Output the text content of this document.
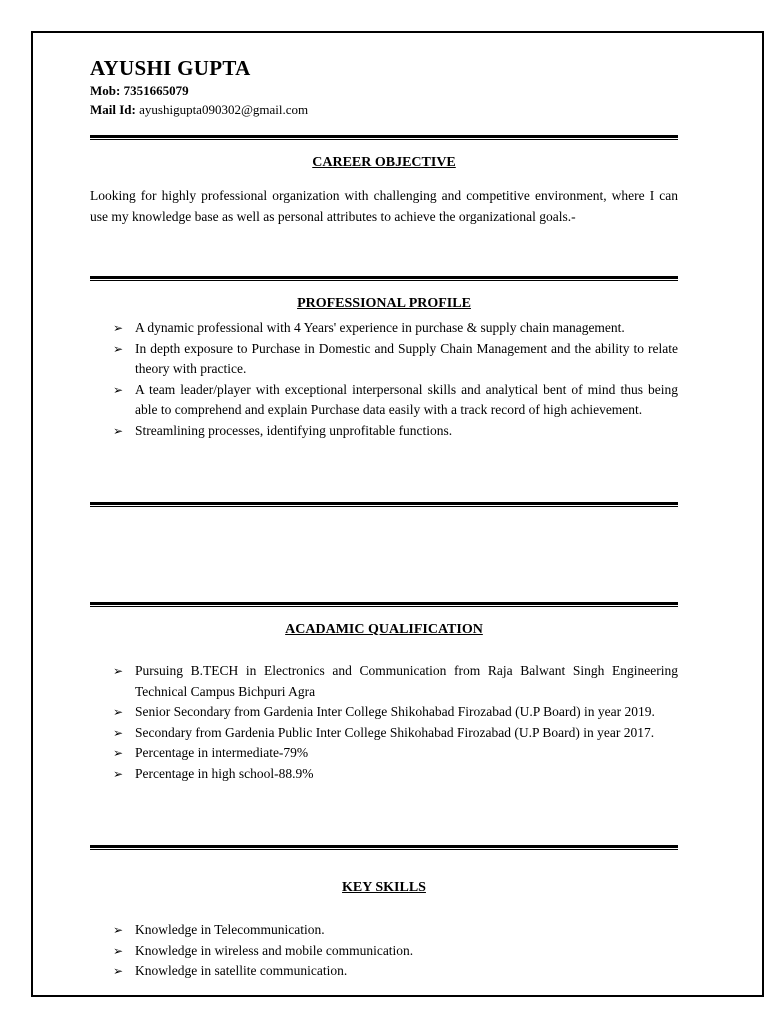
AYUSHI GUPTA
Mob: 7351665079
Mail Id: ayushigupta090302@gmail.com
CAREER OBJECTIVE
Looking for highly professional organization with challenging and competitive environment, where I can use my knowledge base as well as personal attributes to achieve the organizational goals.-
PROFESSIONAL PROFILE
➢ A dynamic professional with 4 Years' experience in purchase & supply chain management.
➢ In depth exposure to Purchase in Domestic and Supply Chain Management and the ability to relate theory with practice.
➢ A team leader/player with exceptional interpersonal skills and analytical bent of mind thus being able to comprehend and explain Purchase data easily with a track record of high achievement.
➢ Streamlining processes, identifying unprofitable functions.
ACADAMIC QUALIFICATION
➢ Pursuing B.TECH in Electronics and Communication from Raja Balwant Singh Engineering Technical Campus Bichpuri Agra
➢ Senior Secondary from Gardenia Inter College Shikohabad Firozabad (U.P Board) in year 2019.
➢ Secondary from Gardenia Public Inter College Shikohabad Firozabad (U.P Board) in year 2017.
➢ Percentage in intermediate-79%
➢ Percentage in high school-88.9%
KEY SKILLS
➢ Knowledge in Telecommunication.
➢ Knowledge in wireless and mobile communication.
➢ Knowledge in satellite communication.
